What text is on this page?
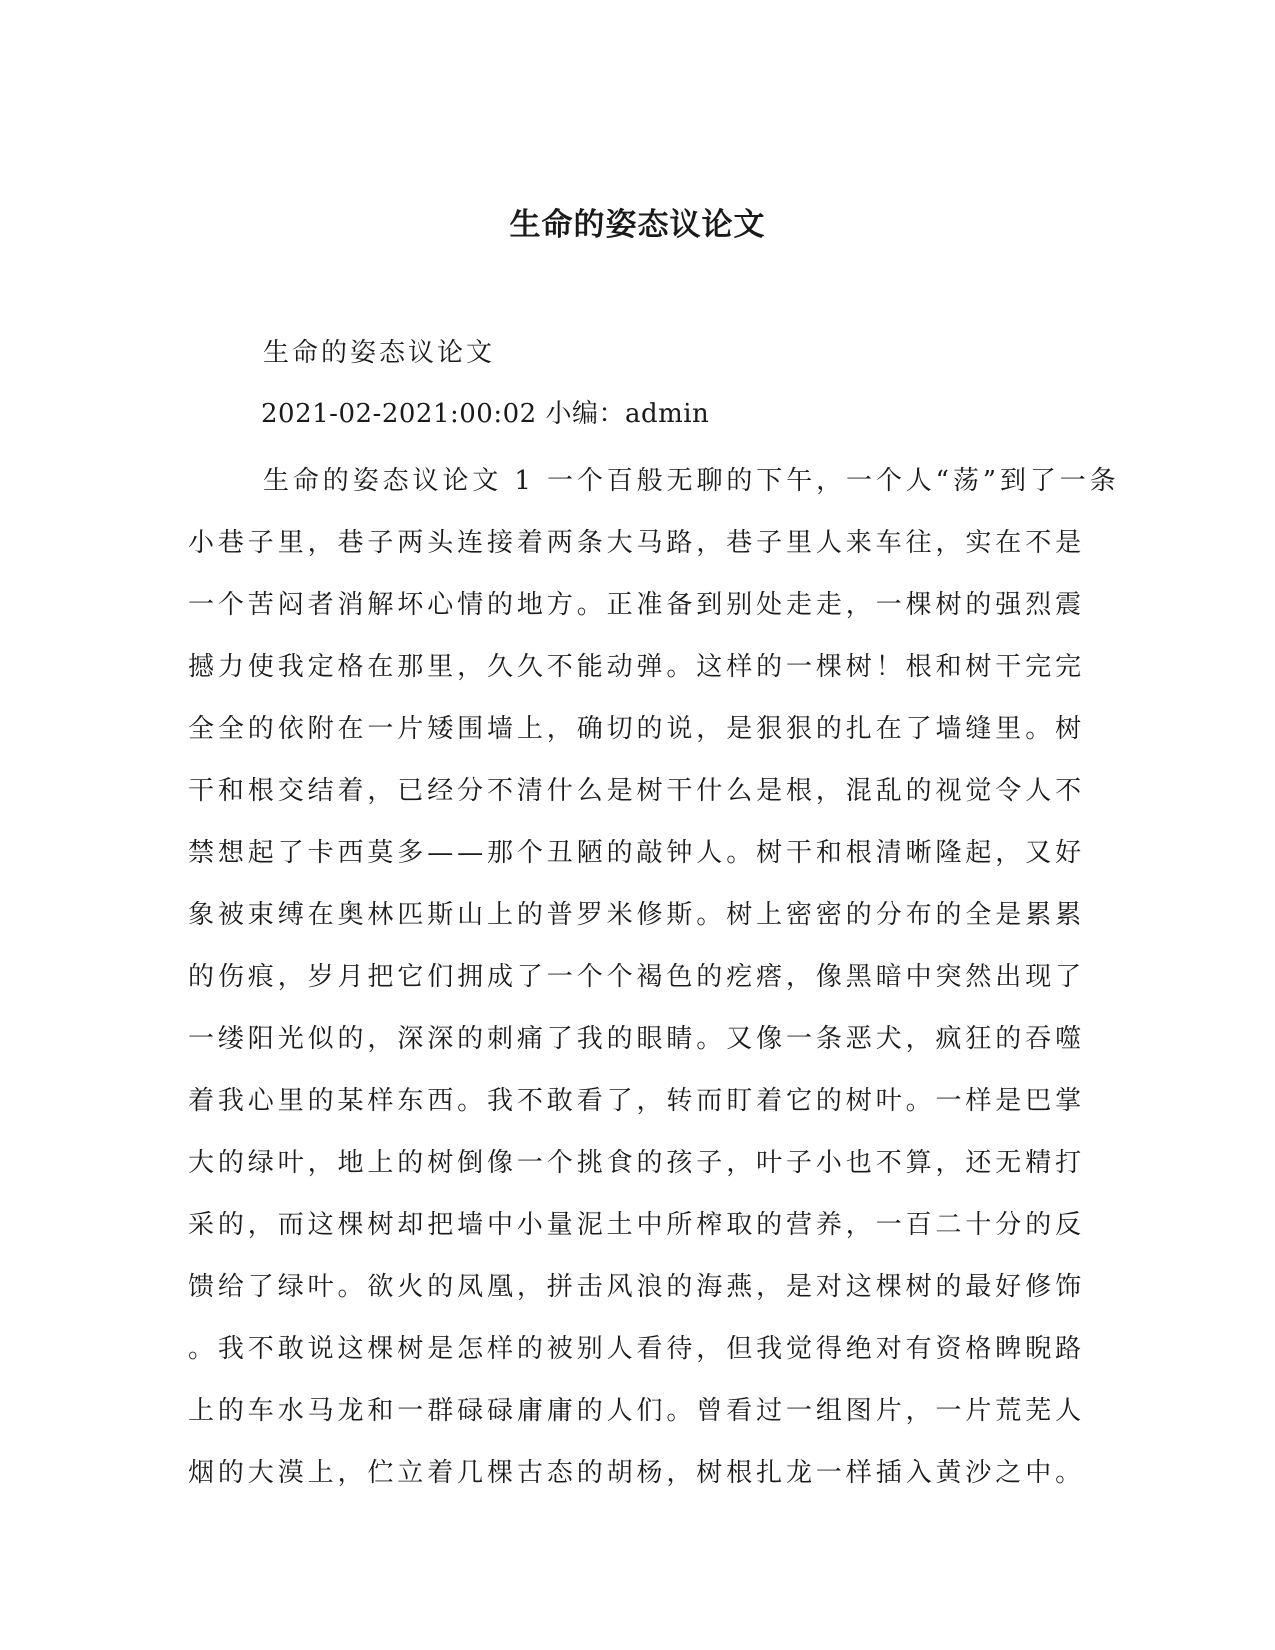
生命的姿态议论文

生命的姿态议论文

2021-02-2021:00:02 小编：admin

生命的姿态议论文 1 一个百般无聊的下午，一个人“荡”到了一条
小巷子里，巷子两头连接着两条大马路，巷子里人来车往，实在不是
一个苦闷者消解坏心情的地方。正准备到别处走走，一棵树的强烈震
撼力使我定格在那里，久久不能动弹。这样的一棵树！根和树干完完
全全的依附在一片矮围墙上，确切的说，是狠狠的扎在了墙缝里。树
干和根交结着，已经分不清什么是树干什么是根，混乱的视觉令人不
禁想起了卡西莫多——那个丑陋的敲钟人。树干和根清晰隆起，又好
象被束缚在奥林匹斯山上的普罗米修斯。树上密密的分布的全是累累
的伤痕，岁月把它们拥成了一个个褐色的疙瘩，像黑暗中突然出现了
一缕阳光似的，深深的刺痛了我的眼睛。又像一条恶犬，疯狂的吞噬
着我心里的某样东西。我不敢看了，转而盯着它的树叶。一样是巴掌
大的绿叶，地上的树倒像一个挑食的孩子，叶子小也不算，还无精打
采的，而这棵树却把墙中小量泥土中所榨取的营养，一百二十分的反
馈给了绿叶。欲火的凤凰，拼击风浪的海燕，是对这棵树的最好修饰
。我不敢说这棵树是怎样的被别人看待，但我觉得绝对有资格睥睨路
上的车水马龙和一群碌碌庸庸的人们。曾看过一组图片，一片荒芜人
烟的大漠上，伫立着几棵古态的胡杨，树根扎龙一样插入黄沙之中。
